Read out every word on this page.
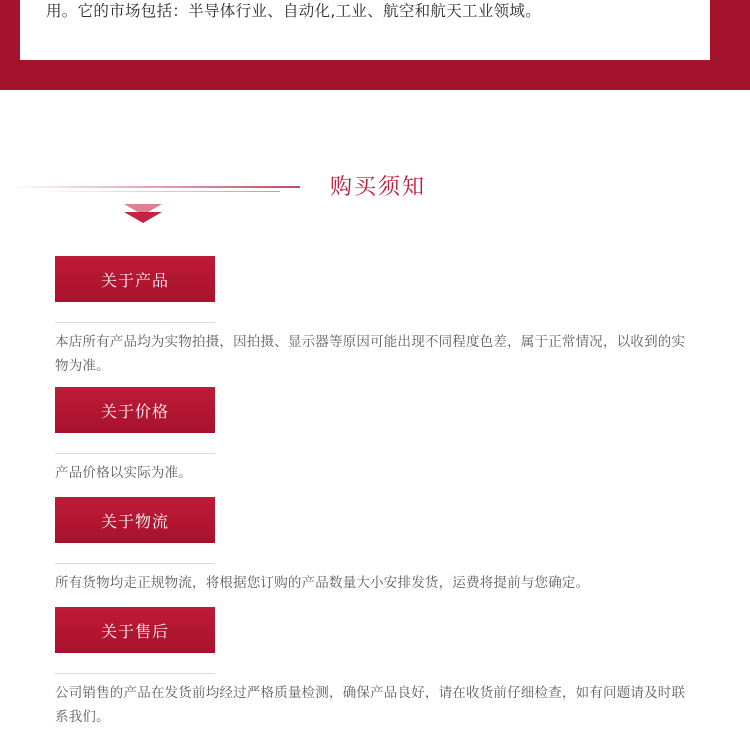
用。它的市场包括：半导体行业、自动化,工业、航空和航天工业领域。

购买须知
关于产品
本店所有产品均为实物拍摄，因拍摄、显示器等原因可能出现不同程度色差，属于正常情况，以收到的实物为准。
关于价格
产品价格以实际为准。
关于物流
所有货物均走正规物流，将根据您订购的产品数量大小安排发货，运费将提前与您确定。
关于售后
公司销售的产品在发货前均经过严格质量检测，确保产品良好，请在收货前仔细检查，如有问题请及时联系我们。
